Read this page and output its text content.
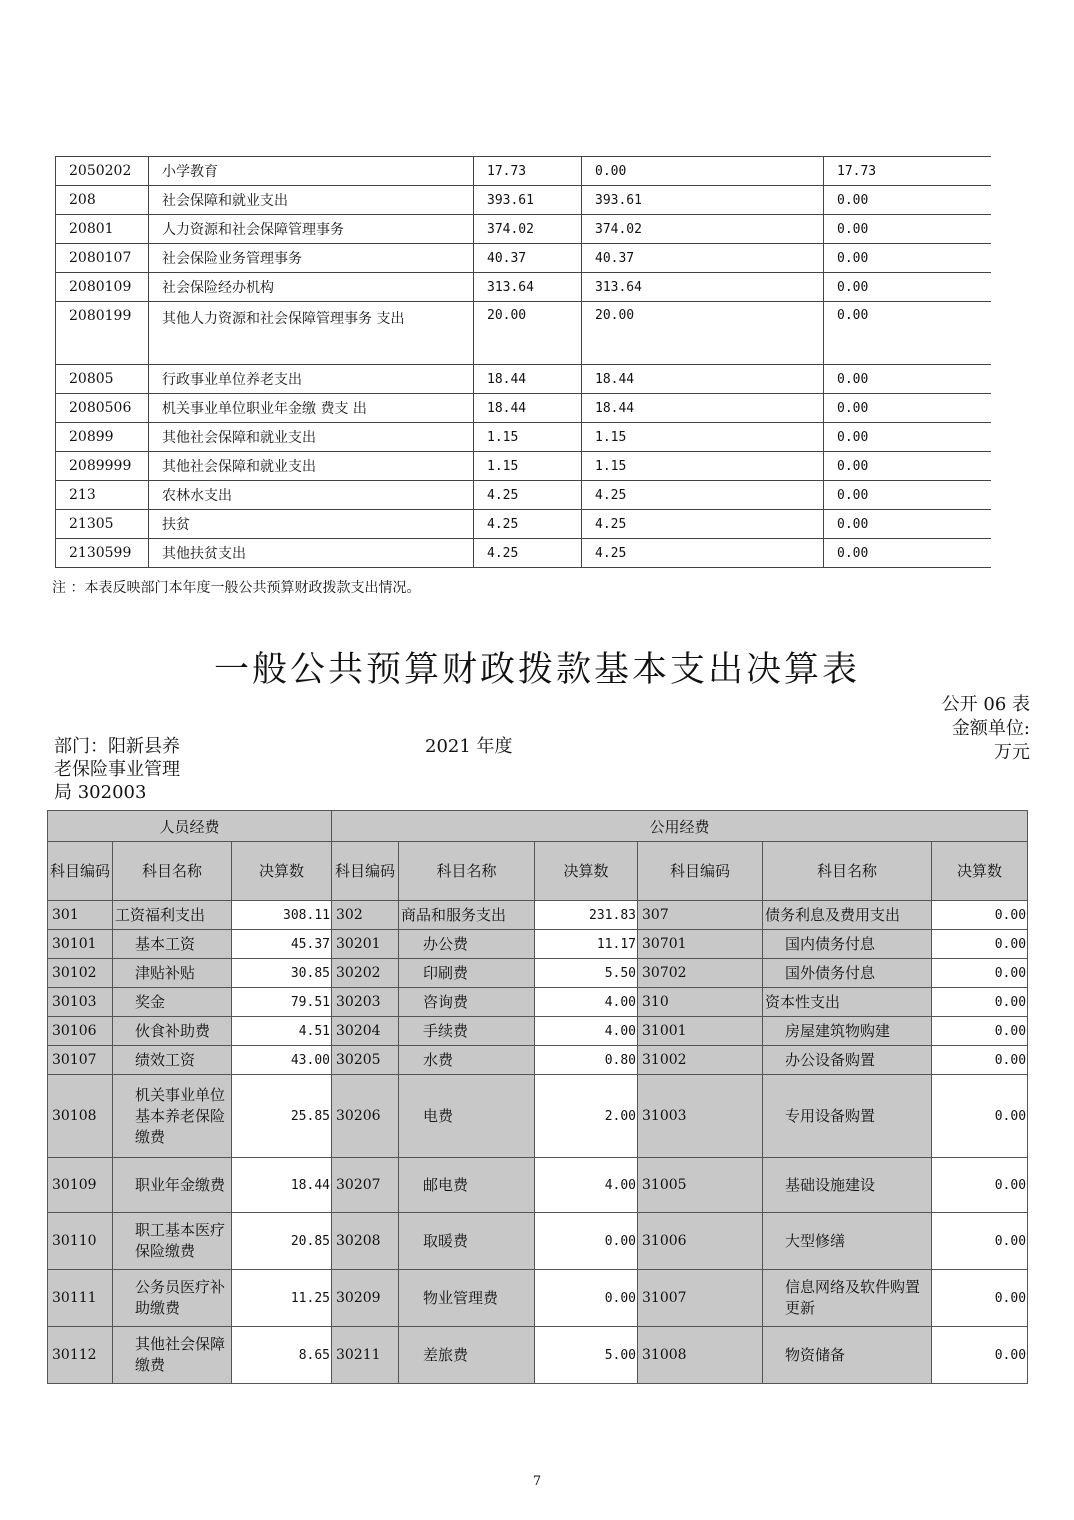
2050202	小学教育	17.73	0.00	17.73
208	社会保障和就业支出	393.61	393.61	0.00
20801	人力资源和社会保障管理事务	374.02	374.02	0.00
2080107	社会保险业务管理事务	40.37	40.37	0.00
2080109	社会保险经办机构	313.64	313.64	0.00
2080199	其他人力资源和社会保障管理事务 支出	20.00	20.00	0.00
20805	行政事业单位养老支出	18.44	18.44	0.00
2080506	机关事业单位职业年金缴 费支 出	18.44	18.44	0.00
20899	其他社会保障和就业支出	1.15	1.15	0.00
2089999	其他社会保障和就业支出	1.15	1.15	0.00
213	农林水支出	4.25	4.25	0.00
21305	扶贫	4.25	4.25	0.00
2130599	其他扶贫支出	4.25	4.25	0.00
注 ：本表反映部门本年度一般公共预算财政拨款支出情况。
一般公共预算财政拨款基本支出决算表
公开 06 表
金额单位:
万元
部门：阳新县养
老保险事业管理
局 302003
2021 年度
人员经费			公用经费					
科目编码	科目名称	决算数	科目编码	科目名称	决算数	科目编码	科目名称	决算数
301	工资福利支出	308.11	302	商品和服务支出	231.83	307	债务利息及费用支出	0.00
30101	基本工资	45.37	30201	办公费	11.17	30701	国内债务付息	0.00
30102	津贴补贴	30.85	30202	印刷费	5.50	30702	国外债务付息	0.00
30103	奖金	79.51	30203	咨询费	4.00	310	资本性支出	0.00
30106	伙食补助费	4.51	30204	手续费	4.00	31001	房屋建筑物购建	0.00
30107	绩效工资	43.00	30205	水费	0.80	31002	办公设备购置	0.00
30108	机关事业单位基本养老保险缴费	25.85	30206	电费	2.00	31003	专用设备购置	0.00
30109	职业年金缴费	18.44	30207	邮电费	4.00	31005	基础设施建设	0.00
30110	职工基本医疗保险缴费	20.85	30208	取暖费	0.00	31006	大型修缮	0.00
30111	公务员医疗补助缴费	11.25	30209	物业管理费	0.00	31007	信息网络及软件购置更新	0.00
30112	其他社会保障缴费	8.65	30211	差旅费	5.00	31008	物资储备	0.00
7
